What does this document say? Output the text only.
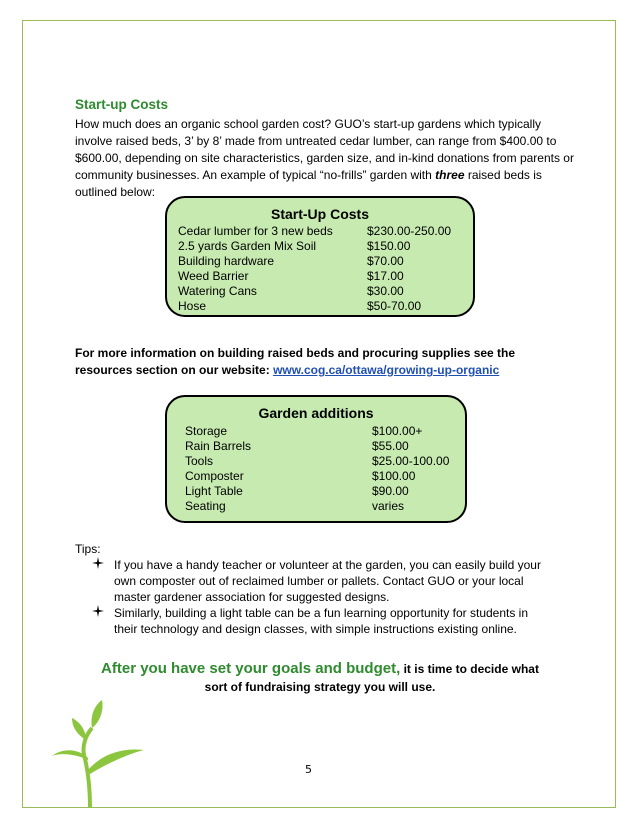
Start-up Costs
How much does an organic school garden cost? GUO’s start-up gardens which typically involve raised beds, 3’ by 8’ made from untreated cedar lumber, can range from $400.00 to $600.00, depending on site characteristics, garden size, and in-kind donations from parents or community businesses. An example of typical “no-frills” garden with three raised beds is outlined below:
Start-Up Costs
Cedar lumber for 3 new beds	$230.00-250.00
2.5 yards Garden Mix Soil	$150.00
Building hardware	$70.00
Weed Barrier	$17.00
Watering Cans	$30.00
Hose	$50-70.00
For more information on building raised beds and procuring supplies see the
resources section on our website: www.cog.ca/ottawa/growing-up-organic
Garden additions
Storage	$100.00+
Rain Barrels	$55.00
Tools	$25.00-100.00
Composter	$100.00
Light Table	$90.00
Seating	varies
Tips:
If you have a handy teacher or volunteer at the garden, you can easily build your own composter out of reclaimed lumber or pallets. Contact GUO or your local master gardener association for suggested designs.
Similarly, building a light table can be a fun learning opportunity for students in their technology and design classes, with simple instructions existing online.
After you have set your goals and budget, it is time to decide what
sort of fundraising strategy you will use.
5
